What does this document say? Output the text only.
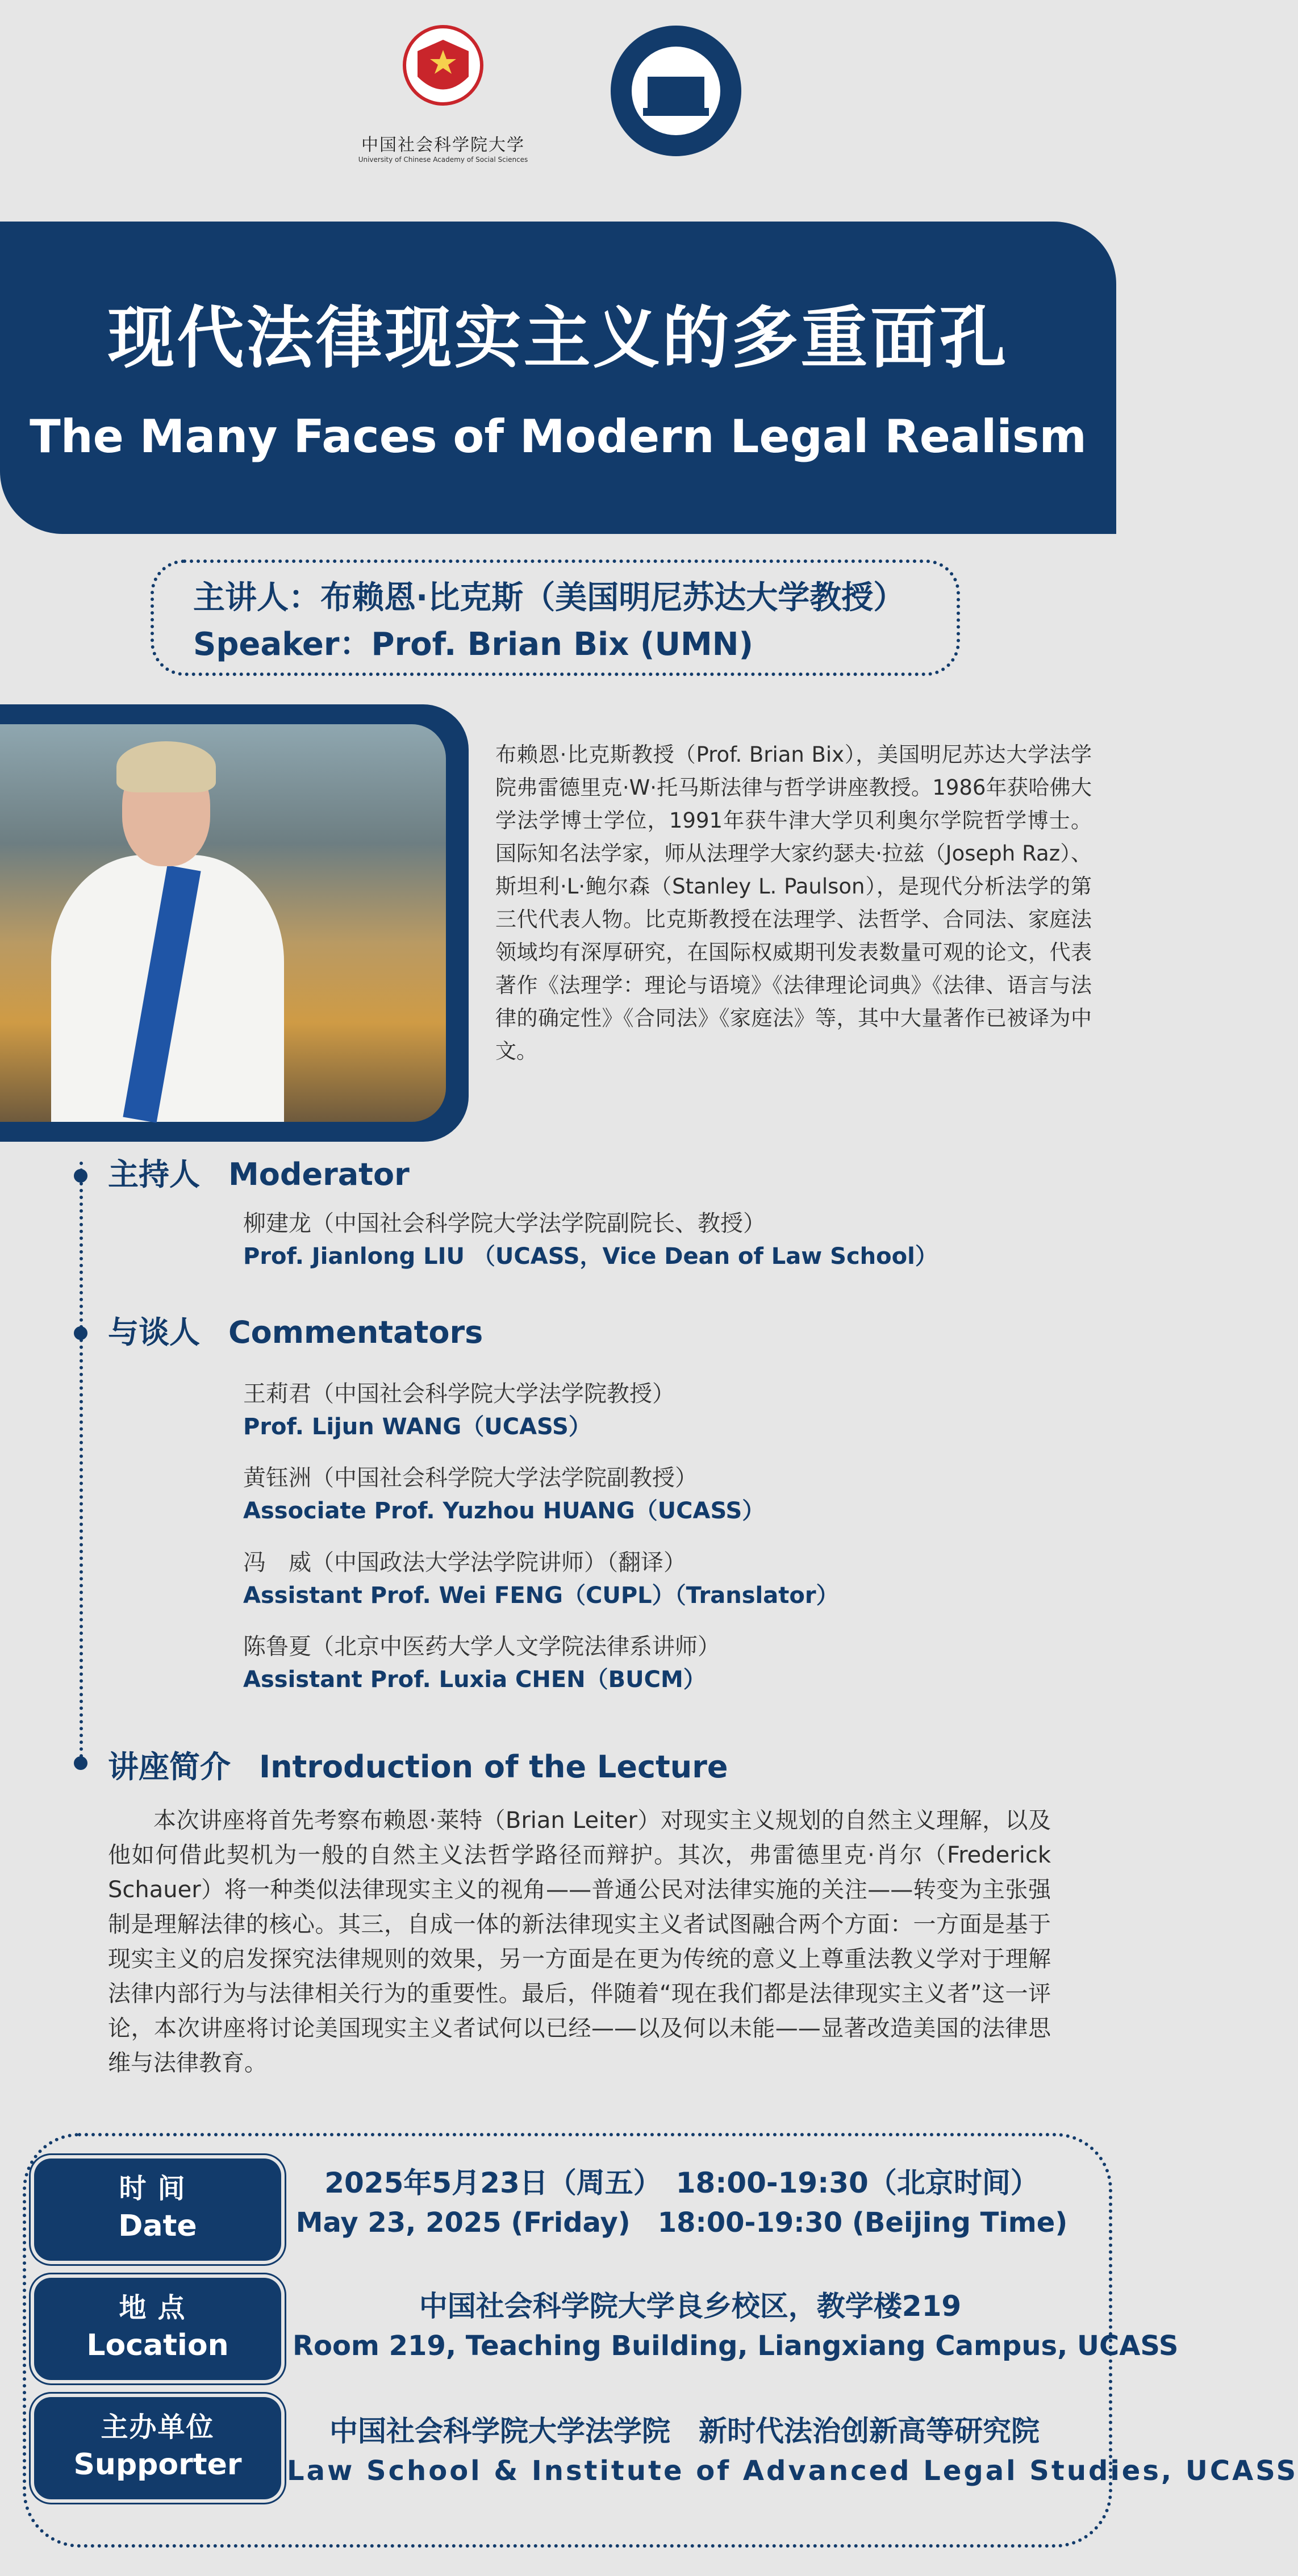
中国社会科学院大学
University of Chinese Academy of Social Sciences
现代法律现实主义的多重面孔
The Many Faces of Modern Legal Realism
主讲人：布赖恩·比克斯（美国明尼苏达大学教授）
Speaker：Prof. Brian Bix (UMN)
布赖恩·比克斯教授（Prof. Brian Bix），美国明尼苏达大学法学院弗雷德里克·W·托马斯法律与哲学讲座教授。1986年获哈佛大学法学博士学位，1991年获牛津大学贝利奥尔学院哲学博士。国际知名法学家，师从法理学大家约瑟夫·拉兹（Joseph Raz）、斯坦利·L·鲍尔森（Stanley L. Paulson），是现代分析法学的第三代代表人物。比克斯教授在法理学、法哲学、合同法、家庭法领域均有深厚研究，在国际权威期刊发表数量可观的论文，代表著作《法理学：理论与语境》《法律理论词典》《法律、语言与法律的确定性》《合同法》《家庭法》等，其中大量著作已被译为中文。
主持人 Moderator
柳建龙（中国社会科学院大学法学院副院长、教授）
Prof. Jianlong LIU （UCASS，Vice Dean of Law School）
与谈人 Commentators
王莉君（中国社会科学院大学法学院教授）
Prof. Lijun WANG（UCASS）
黄钰洲（中国社会科学院大学法学院副教授）
Associate Prof. Yuzhou HUANG（UCASS）
冯　威（中国政法大学法学院讲师）（翻译）
Assistant Prof. Wei FENG（CUPL）（Translator）
陈鲁夏（北京中医药大学人文学院法律系讲师）
Assistant Prof. Luxia CHEN（BUCM）
讲座简介 Introduction of the Lecture
本次讲座将首先考察布赖恩·莱特（Brian Leiter）对现实主义规划的自然主义理解，以及他如何借此契机为一般的自然主义法哲学路径而辩护。其次，弗雷德里克·肖尔（Frederick Schauer）将一种类似法律现实主义的视角——普通公民对法律实施的关注——转变为主张强制是理解法律的核心。其三，自成一体的新法律现实主义者试图融合两个方面：一方面是基于现实主义的启发探究法律规则的效果，另一方面是在更为传统的意义上尊重法教义学对于理解法律内部行为与法律相关行为的重要性。最后，伴随着“现在我们都是法律现实主义者”这一评论，本次讲座将讨论美国现实主义者试何以已经——以及何以未能——显著改造美国的法律思维与法律教育。
时间
Date
2025年5月23日（周五）　18:00-19:30（北京时间）
May 23, 2025 (Friday)　18:00-19:30 (Beijing Time)
地点
Location
中国社会科学院大学良乡校区，教学楼219
Room 219, Teaching Building, Liangxiang Campus, UCASS
主办单位
Supporter
中国社会科学院大学法学院　新时代法治创新高等研究院
Law School & Institute of Advanced Legal Studies, UCASS
